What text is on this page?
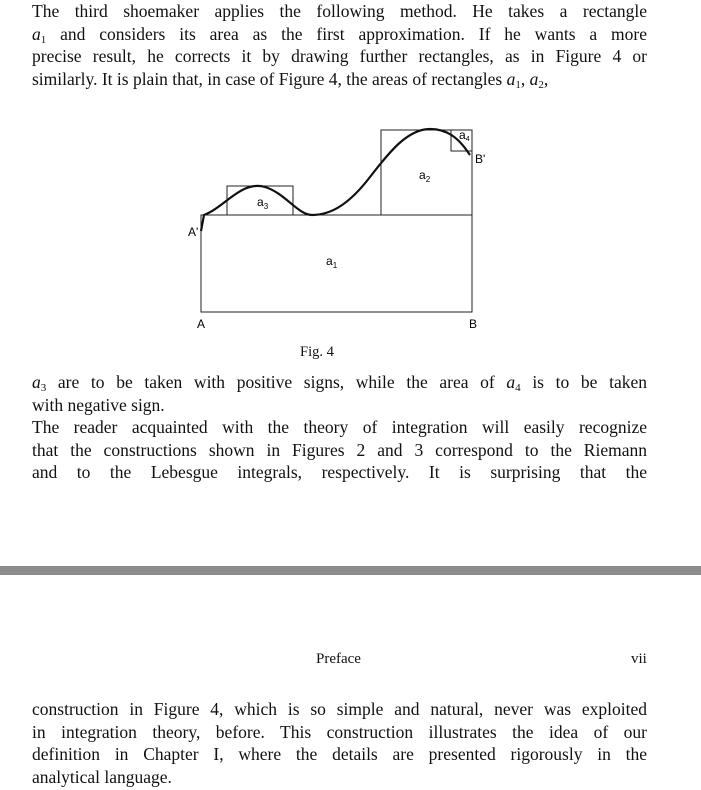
The third shoemaker applies the following method. He takes a rectangle
$a_1$ and considers its area as the first approximation. If he wants a more
precise result, he corrects it by drawing further rectangles, as in Figure 4 or
similarly. It is plain that, in case of Figure 4, the areas of rectangles $a_1$, $a_2$,
$a_1$
$a_2$
$a_3$
a4
A'
B'
A	B
Fig. 4
$a_3$ are to be taken with positive signs, while the area of $a_4$ is to be taken
with negative sign.
The reader acquainted with the theory of integration will easily recognize
that the constructions shown in Figures 2 and 3 correspond to the Riemann
and to the Lebesgue integrals, respectively. It is surprising that the
Preface	vii
construction in Figure 4, which is so simple and natural, never was exploited
in integration theory, before. This construction illustrates the idea of our
definition in Chapter I, where the details are presented rigorously in the
analytical language.
